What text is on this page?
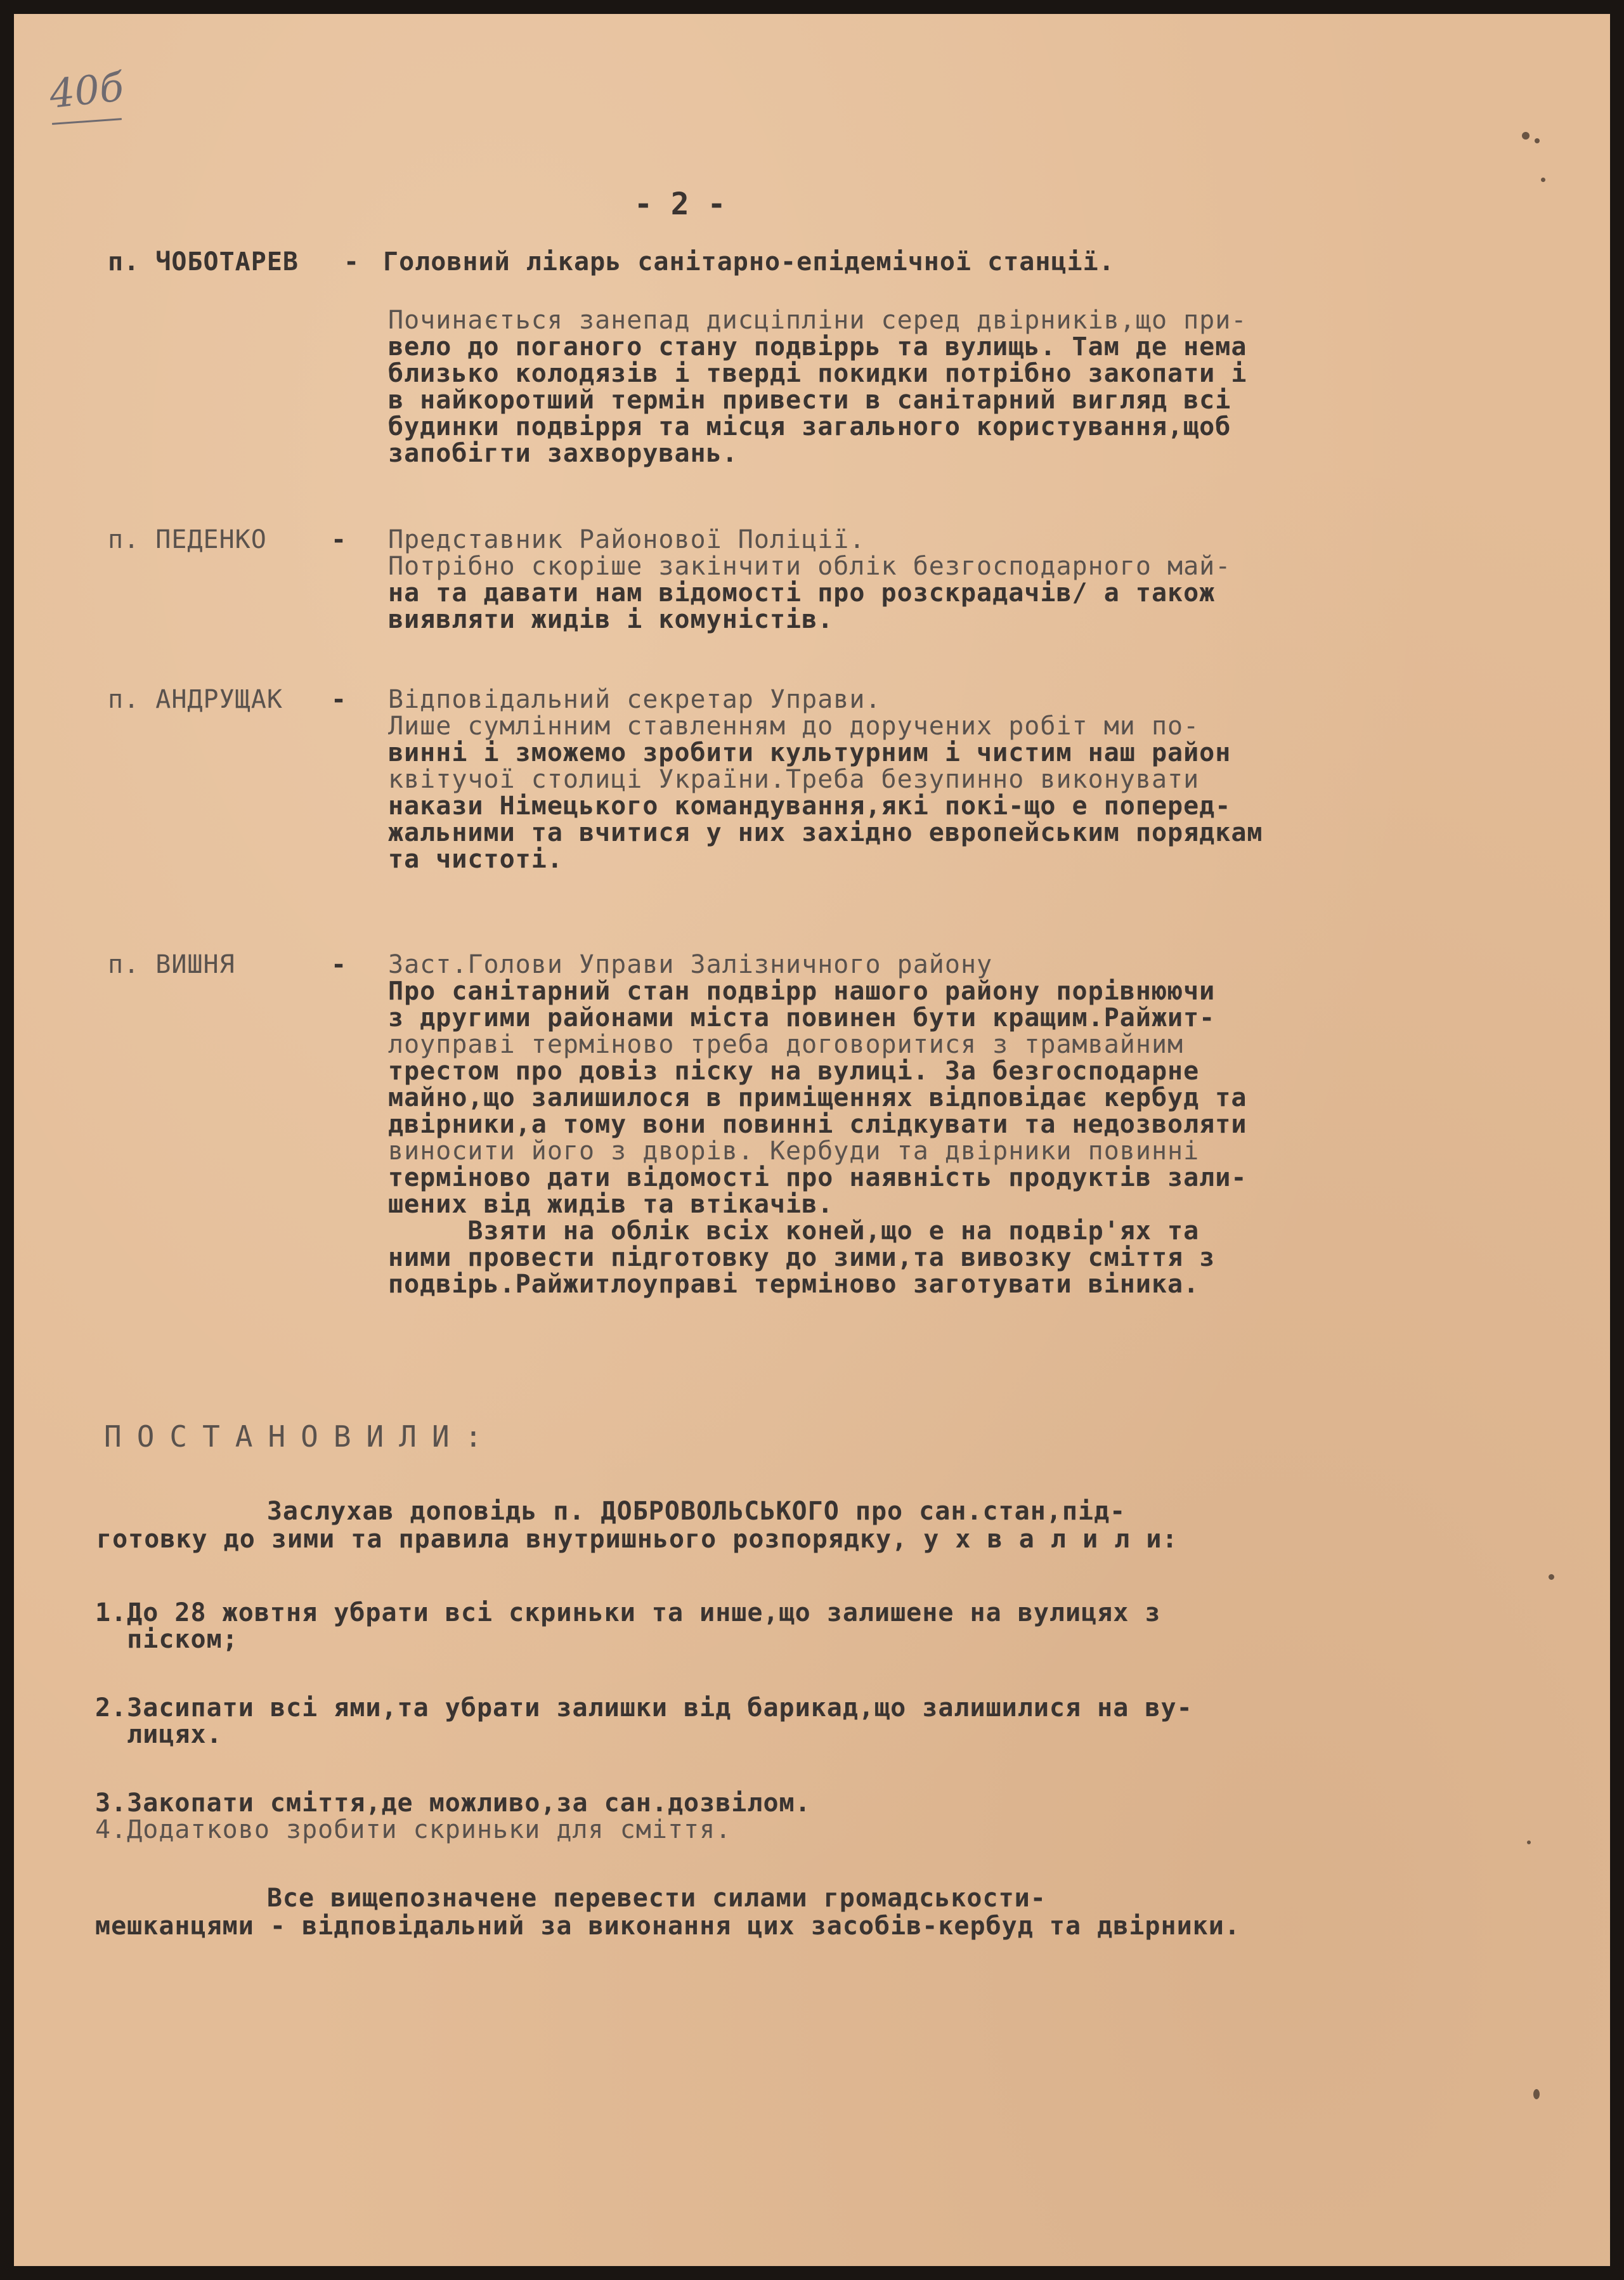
40б
- 2 -
п. ЧОБОТАРЕВ - Головний лікарь санітарно-епідемічної станції.
Починається занепад дисціпліни серед двірників,що при-
вело до поганого стану подвіррь та вулищь. Там де нема
близько колодязів і тверді покидки потрібно закопати і
в найкоротший термін привести в санітарний вигляд всі
будинки подвірря та місця загального користування,щоб
запобігти захворувань.
п. ПЕДЕНКО	- Представник Районової Поліції.
Потрібно скоріше закінчити облік безгосподарного май-
на та давати нам відомості про розскрадачів/ а також
виявляти жидів і комуністів.
п. АНДРУЩАК - Відповідальний секретар Управи.
Лише сумлінним ставленням до доручених робіт ми по-
винні і зможемо зробити культурним і чистим наш район
квітучої столиці України.Треба безупинно виконувати
накази Німецького командування,які покі-що е поперед-
жальними та вчитися у них західно европейським порядкам
та чистоті.
п. ВИШНЯ	- Заст.Голови Управи Залізничного району
Про санітарний стан подвірр нашого району порівнюючи
з другими районами міста повинен бути кращим.Райжит-
лоуправі терміново треба договоритися з трамвайним
трестом про довіз піску на вулиці. За безгосподарне
майно,що залишилося в приміщеннях відповідає кербуд та
двірники,а тому вони повинні слідкувати та недозволяти
виносити його з дворів. Кербуди та двірники повинні
терміново дати відомості про наявність продуктів зали-
шених від жидів та втікачів.
Взяти на облік всіх коней,що е на подвір'ях та
ними провести підготовку до зими,та вивозку сміття з
подвірь.Райжитлоуправі терміново заготувати віника.
ПОСТАНОВИЛИ:
Заслухав доповідь п. ДОБРОВОЛЬСЬКОГО про сан.стан,під-
готовку до зими та правила внутришнього розпорядку, у х в а л и л и:
1.До 28 жовтня убрати всі скриньки та инше,що залишене на вулицях з
піском;
2.Засипати всі ями,та убрати залишки від барикад,що залишилися на ву-
лицях.
3.Закопати сміття,де можливо,за сан.дозвілом.
4.Додатково зробити скриньки для сміття.
Все вищепозначене перевести силами громадськости-
мешканцями - відповідальний за виконання цих засобів-кербуд та двірники.
